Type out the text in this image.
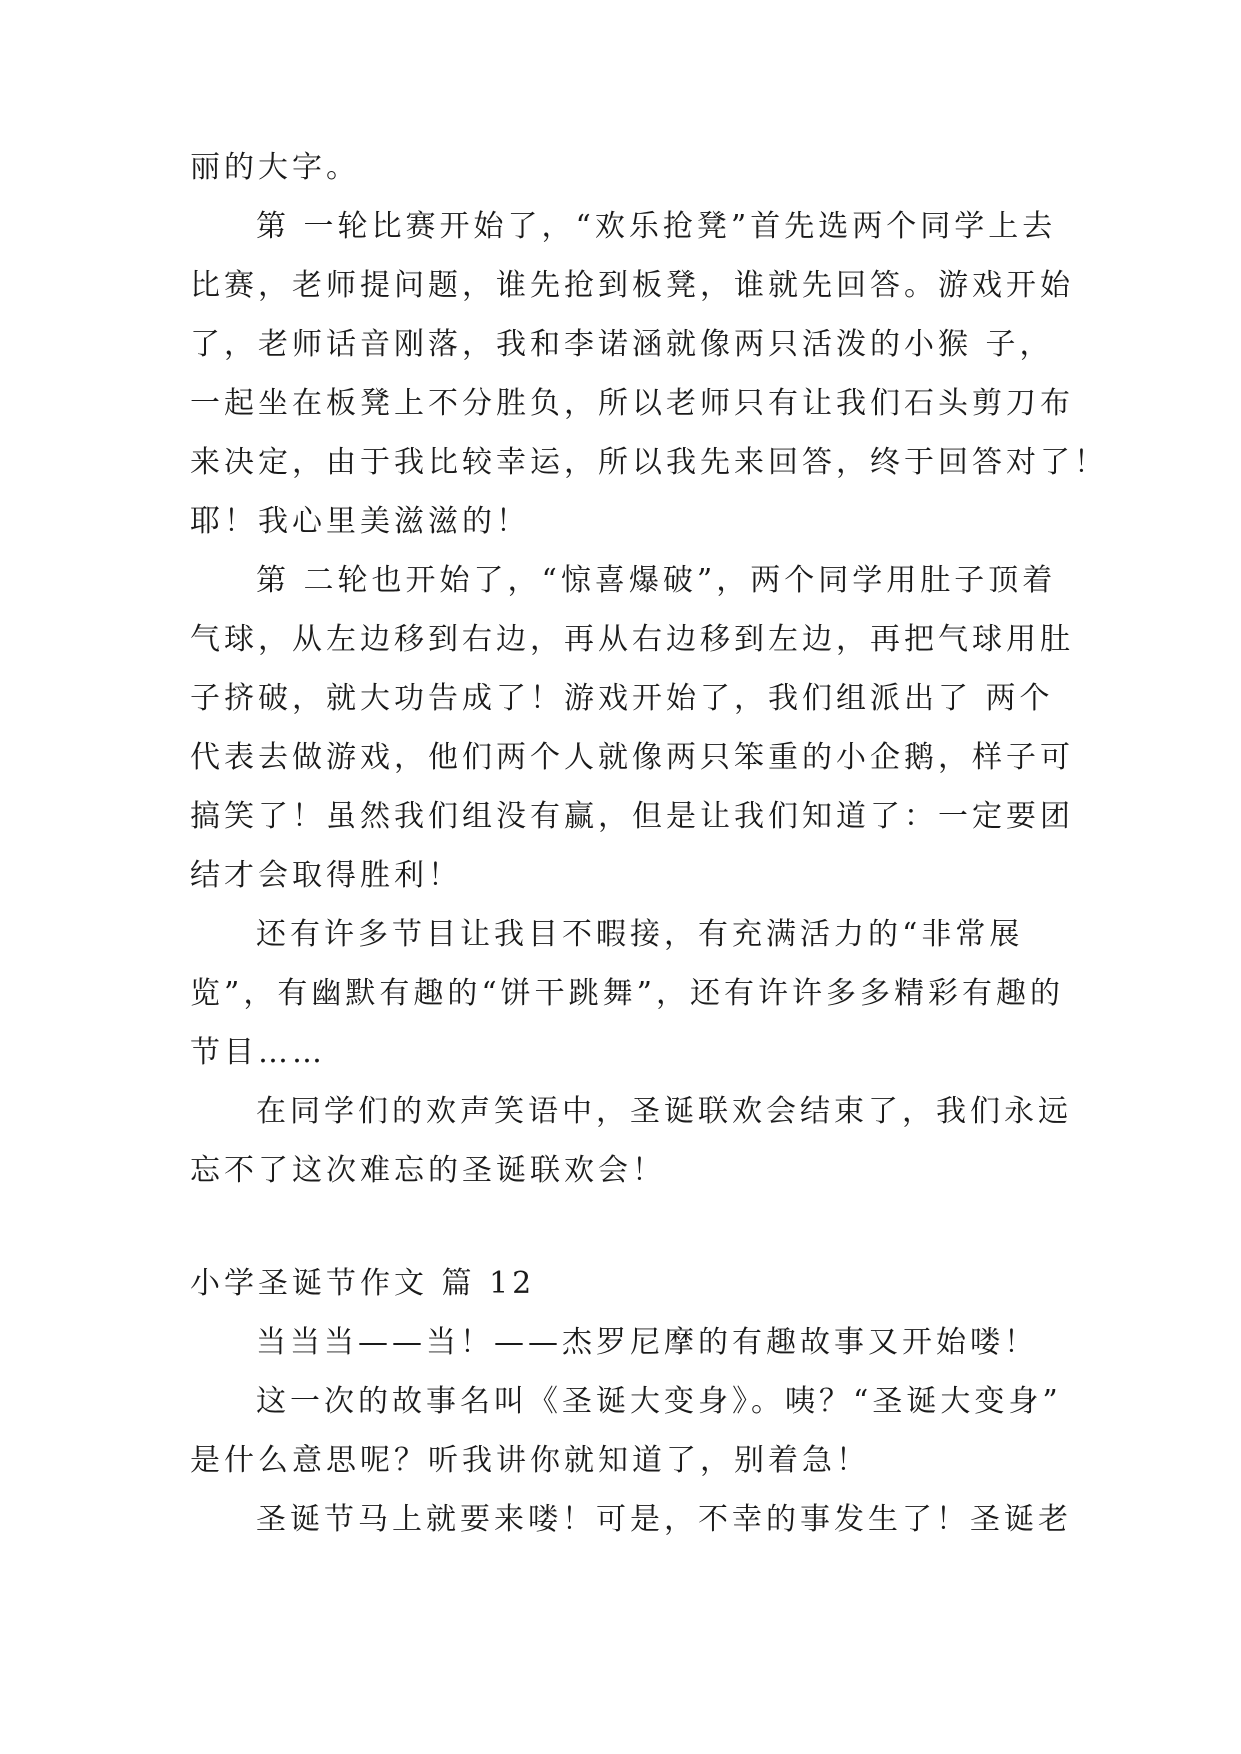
丽的大字。
第 一轮比赛开始了，“欢乐抢凳”首先选两个同学上去
比赛，老师提问题，谁先抢到板凳，谁就先回答。游戏开始
了，老师话音刚落，我和李诺涵就像两只活泼的小猴 子，
一起坐在板凳上不分胜负，所以老师只有让我们石头剪刀布
来决定，由于我比较幸运，所以我先来回答，终于回答对了！
耶！我心里美滋滋的！
第 二轮也开始了，“惊喜爆破”，两个同学用肚子顶着
气球，从左边移到右边，再从右边移到左边，再把气球用肚
子挤破，就大功告成了！游戏开始了，我们组派出了 两个
代表去做游戏，他们两个人就像两只笨重的小企鹅，样子可
搞笑了！虽然我们组没有赢，但是让我们知道了：一定要团
结才会取得胜利！
还有许多节目让我目不暇接，有充满活力的“非常展
览”，有幽默有趣的“饼干跳舞”，还有许许多多精彩有趣的
节目……
在同学们的欢声笑语中，圣诞联欢会结束了，我们永远
忘不了这次难忘的圣诞联欢会！
小学圣诞节作文 篇 12
当当当——当！——杰罗尼摩的有趣故事又开始喽！
这一次的故事名叫《圣诞大变身》。咦？“圣诞大变身”
是什么意思呢？听我讲你就知道了，别着急！
圣诞节马上就要来喽！可是，不幸的事发生了！圣诞老
